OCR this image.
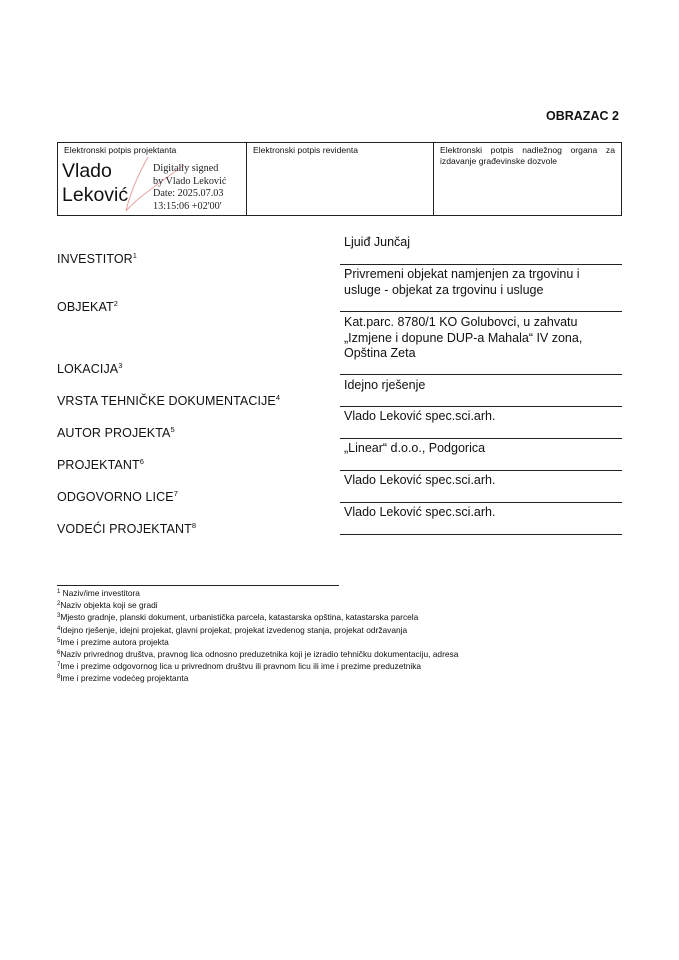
OBRAZAC 2
Elektronski potpis projektanta
Vlado
Leković
Digitally signed
by Vlado Leković
Date: 2025.07.03
13:15:06 +02'00'
Elektronski potpis revidenta	Elektronski potpis nadležnog organa za izdavanje građevinske dozvole
INVESTITOR$^1$
OBJEKAT$^2$
LOKACIJA$^3$
VRSTA TEHNIČKE DOKUMENTACIJE$^4$
AUTOR PROJEKTA$^5$
PROJEKTANT$^6$
ODGOVORNO LICE$^7$
VODEĆI PROJEKTANT$^8$
Ljuiđ Junčaj
Privremeni objekat namjenjen za trgovinu i
usluge - objekat za trgovinu i usluge
Kat.parc. 8780/1 KO Golubovci, u zahvatu
„Izmjene i dopune DUP-a Mahala“ IV zona,
Opština Zeta
Idejno rješenje
Vlado Leković spec.sci.arh.
„Linear“ d.o.o., Podgorica
Vlado Leković spec.sci.arh.
Vlado Leković spec.sci.arh.
$^1$ Naziv/ime investitora
$^2$Naziv objekta koji se gradi
$^3$Mjesto gradnje, planski dokument, urbanistička parcela, katastarska opština, katastarska parcela
$^4$Idejno rješenje, idejni projekat, glavni projekat, projekat izvedenog stanja, projekat održavanja
$^5$Ime i prezime autora projekta
$^6$Naziv privrednog društva, pravnog lica odnosno preduzetnika koji je izradio tehničku dokumentaciju, adresa
$^7$Ime i prezime odgovornog lica u privrednom društvu ili pravnom licu ili ime i prezime preduzetnika
$^8$Ime i prezime vodećeg projektanta
